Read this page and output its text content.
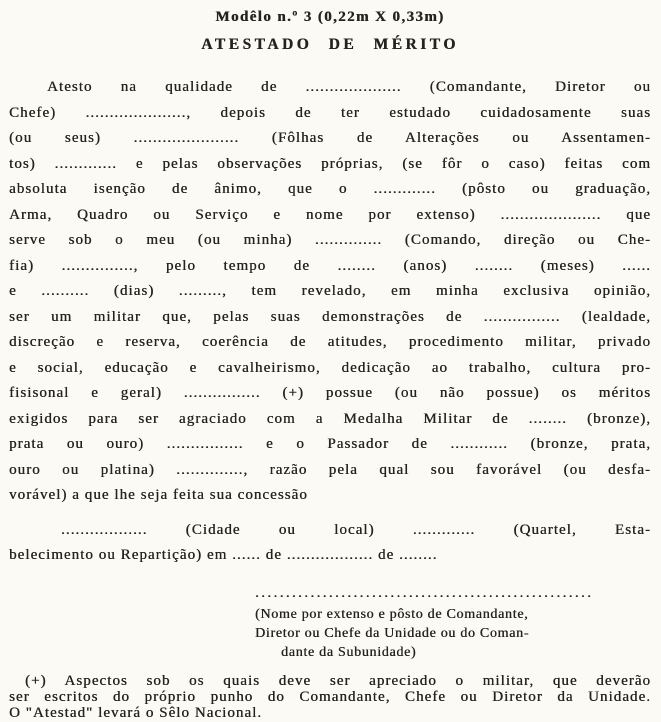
Modêlo n.º 3 (0,22m X 0,33m)
ATESTADO DE MÉRITO
Atesto na qualidade de .................... (Comandante, Diretor ou
Chefe) ....................., depois de ter estudado cuidadosamente suas
(ou seus) ...................... (Fôlhas de Alterações ou Assentamen-
tos) ............. e pelas observações próprias, (se fôr o caso) feitas com
absoluta isenção de ânimo, que o ............. (pôsto ou graduação,
Arma, Quadro ou Serviço e nome por extenso) ..................... que
serve sob o meu (ou minha) .............. (Comando, direção ou Che-
fia) ..............., pelo tempo de ........ (anos) ........ (meses) ......
e .......... (dias) ........., tem revelado, em minha exclusiva opinião,
ser um militar que, pelas suas demonstrações de ................ (lealdade,
discreção e reserva, coerência de atitudes, procedimento militar, privado
e social, educação e cavalheirismo, dedicação ao trabalho, cultura pro-
fisisonal e geral) ................ (+) possue (ou não possue) os méritos
exigidos para ser agraciado com a Medalha Militar de ........ (bronze),
prata ou ouro) ................ e o Passador de ............ (bronze, prata,
ouro ou platina) .............., razão pela qual sou favorável (ou desfa-
vorável) a que lhe seja feita sua concessão
.................. (Cidade ou local) ............. (Quartel, Esta-
belecimento ou Repartição) em ...... de .................. de ........
.......................................................
(Nome por extenso e pôsto de Comandante,
Diretor ou Chefe da Unidade ou do Coman-
dante da Subunidade)
(+) Aspectos sob os quais deve ser apreciado o militar, que deverão
ser escritos do próprio punho do Comandante, Chefe ou Diretor da Unidade.
O "Atestad" levará o Sêlo Nacional.
